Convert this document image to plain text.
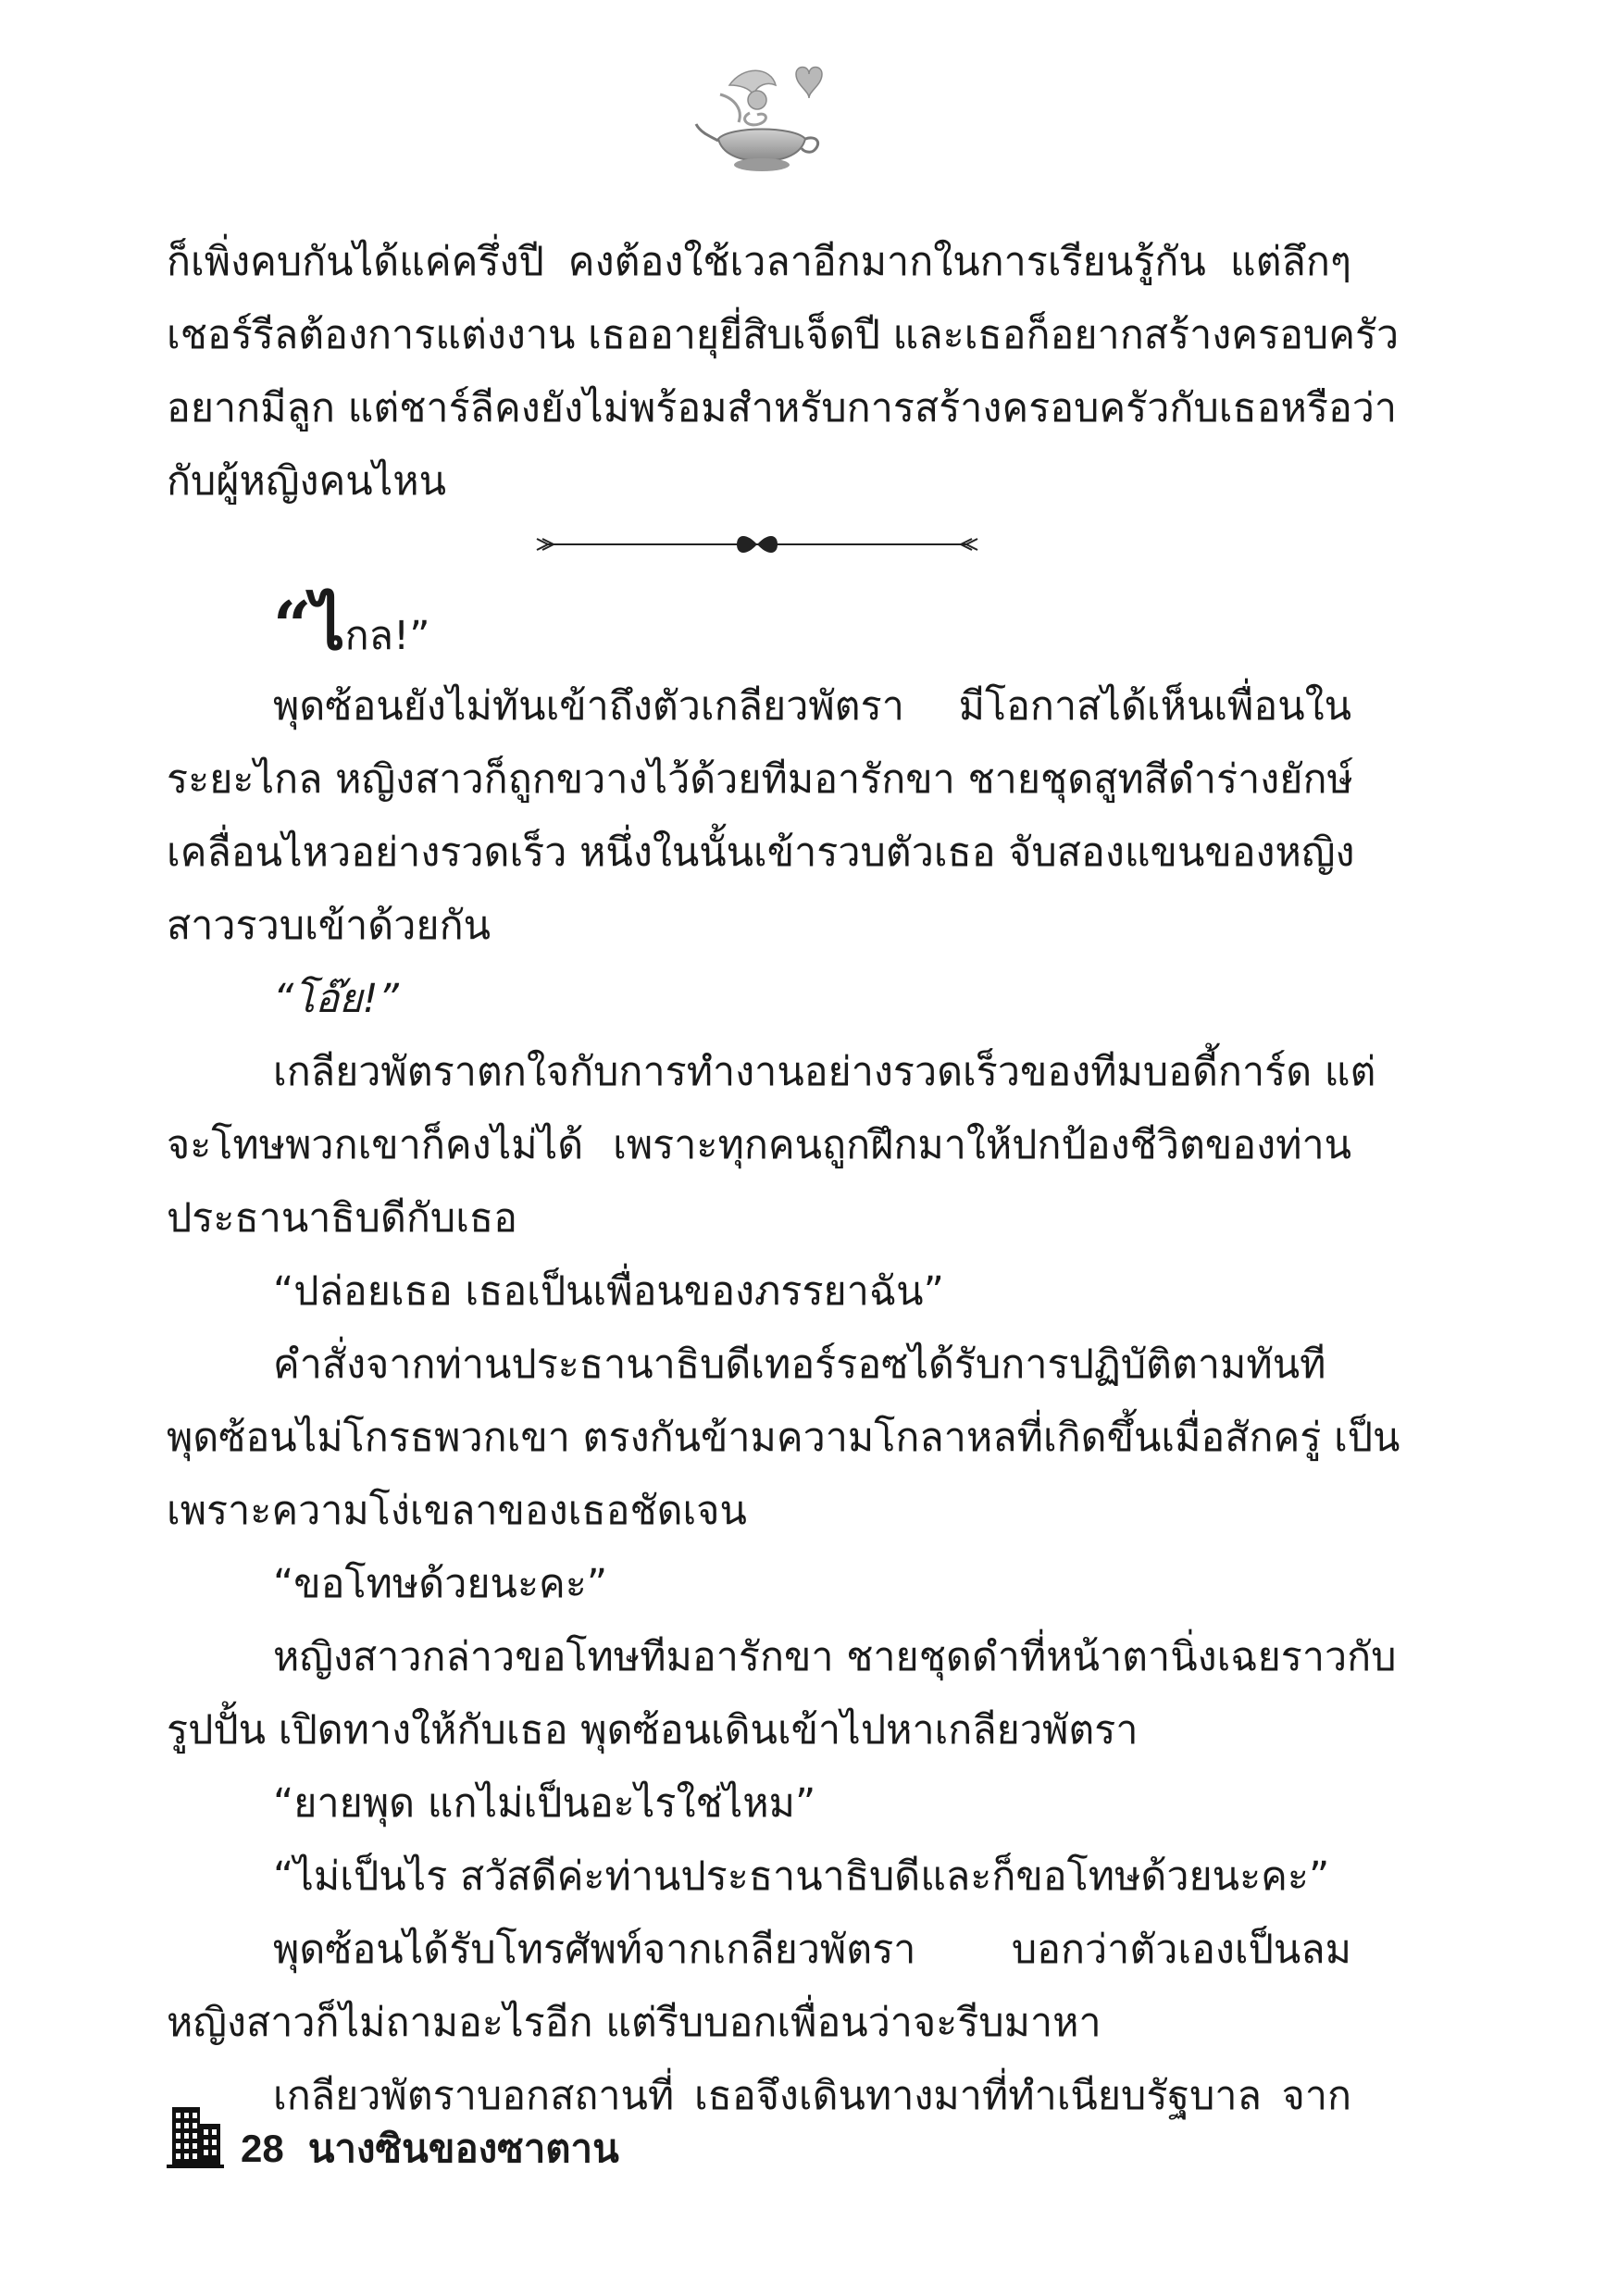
ก็เพิ่งคบกันได้แค่ครึ่งปี คงต้องใช้เวลาอีกมากในการเรียนรู้กัน แต่ลึกๆ
เชอร์รีลต้องการแต่งงาน เธออายุยี่สิบเจ็ดปี และเธอก็อยากสร้างครอบครัว
อยากมีลูก แต่ชาร์ลีคงยังไม่พร้อมสำหรับการสร้างครอบครัวกับเธอหรือว่า
กับผู้หญิงคนไหน
“ไกล!”
พุดซ้อนยังไม่ทันเข้าถึงตัวเกลียวพัตรา มีโอกาสได้เห็นเพื่อนใน
ระยะไกล หญิงสาวก็ถูกขวางไว้ด้วยทีมอารักขา ชายชุดสูทสีดำร่างยักษ์
เคลื่อนไหวอย่างรวดเร็ว หนึ่งในนั้นเข้ารวบตัวเธอ จับสองแขนของหญิง
สาวรวบเข้าด้วยกัน
“โอ๊ย!”
เกลียวพัตราตกใจกับการทำงานอย่างรวดเร็วของทีมบอดี้การ์ด แต่
จะโทษพวกเขาก็คงไม่ได้ เพราะทุกคนถูกฝึกมาให้ปกป้องชีวิตของท่าน
ประธานาธิบดีกับเธอ
“ปล่อยเธอ เธอเป็นเพื่อนของภรรยาฉัน”
คำสั่งจากท่านประธานาธิบดีเทอร์รอซได้รับการปฏิบัติตามทันที
พุดซ้อนไม่โกรธพวกเขา ตรงกันข้ามความโกลาหลที่เกิดขึ้นเมื่อสักครู่ เป็น
เพราะความโง่เขลาของเธอชัดเจน
“ขอโทษด้วยนะคะ”
หญิงสาวกล่าวขอโทษทีมอารักขา ชายชุดดำที่หน้าตานิ่งเฉยราวกับ
รูปปั้น เปิดทางให้กับเธอ พุดซ้อนเดินเข้าไปหาเกลียวพัตรา
“ยายพุด แกไม่เป็นอะไรใช่ไหม”
“ไม่เป็นไร สวัสดีค่ะท่านประธานาธิบดีและก็ขอโทษด้วยนะคะ”
พุดซ้อนได้รับโทรศัพท์จากเกลียวพัตรา บอกว่าตัวเองเป็นลม
หญิงสาวก็ไม่ถามอะไรอีก แต่รีบบอกเพื่อนว่าจะรีบมาหา
เกลียวพัตราบอกสถานที่ เธอจึงเดินทางมาที่ทำเนียบรัฐบาล จาก
28 นางซินของซาตาน
